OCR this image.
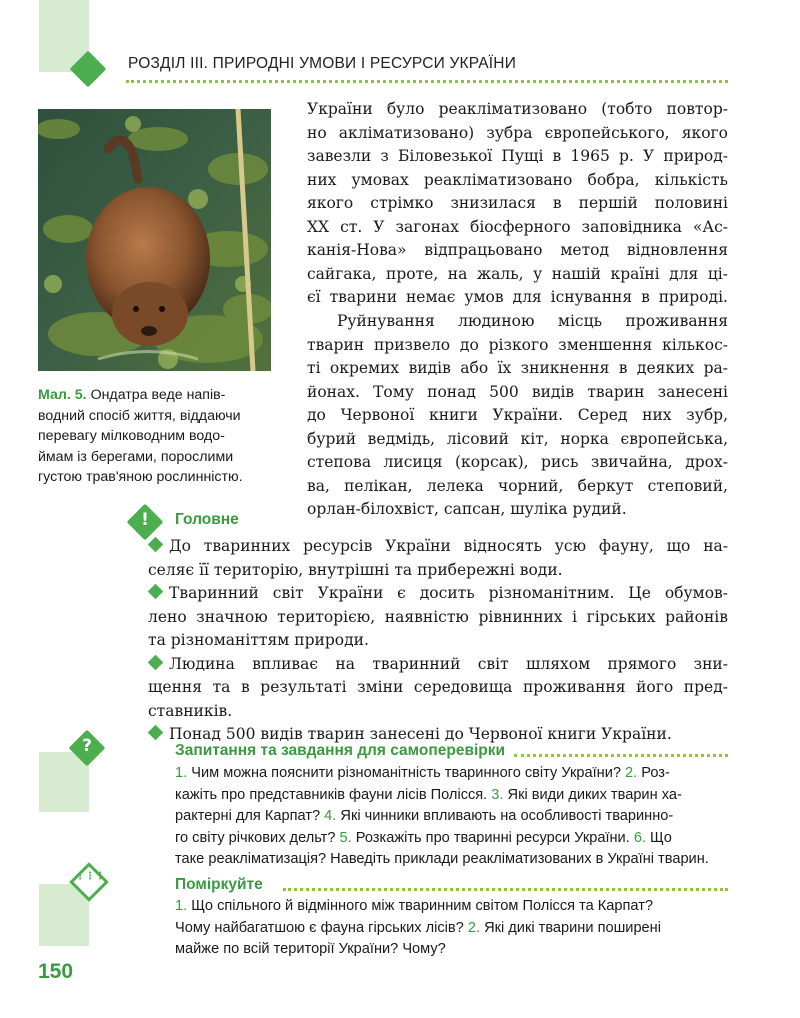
РОЗДІЛ ІІІ. ПРИРОДНІ УМОВИ І РЕСУРСИ УКРАЇНИ
Мал. 5. Ондатра веде напів-
водний спосіб життя, віддаючи
перевагу мілководним водо-
ймам із берегами, порослими
густою трав'яною рослинністю.
України було реакліматизовано (тобто повтор-
но акліматизовано) зубра європейського, якого
завезли з Біловезької Пущі в 1965 р. У природ-
них умовах реакліматизовано бобра, кількість
якого стрімко знизилася в першій половині
XX ст. У загонах біосферного заповідника «Ас-
канія-Нова» відпрацьовано метод відновлення
сайгака, проте, на жаль, у нашій країні для ці-
єї тварини немає умов для існування в природі.
Руйнування людиною місць проживання
тварин призвело до різкого зменшення кількос-
ті окремих видів або їх зникнення в деяких ра-
йонах. Тому понад 500 видів тварин занесені
до Червоної книги України. Серед них зубр,
бурий ведмідь, лісовий кіт, норка європейська,
степова лисиця (корсак), рись звичайна, дрох-
ва, пелікан, лелека чорний, беркут степовий,
орлан-білохвіст, сапсан, шуліка рудий.
!	Головне
До тваринних ресурсів України відносять усю фауну, що на-
селяє її територію, внутрішні та прибережні води.
Тваринний світ України є досить різноманітним. Це обумов-
лено значною територією, наявністю рівнинних і гірських районів
та різноманіттям природи.
Людина впливає на тваринний світ шляхом прямого зни-
щення та в результаті зміни середовища проживання його пред-
ставників.
Понад 500 видів тварин занесені до Червоної книги України.
?	Запитання та завдання для самоперевірки
1. Чим можна пояснити різноманітність тваринного світу України? 2. Роз-
кажіть про представників фауни лісів Полісся. 3. Які види диких тварин ха-
рактерні для Карпат? 4. Які чинники впливають на особливості тваринно-
го світу річкових дельт? 5. Розкажіть про тваринні ресурси України. 6. Що
таке реакліматизація? Наведіть приклади реакліматизованих в Україні тварин.
⋮⋮⋮	Поміркуйте
1. Що спільного й відмінного між тваринним світом Полісся та Карпат?
Чому найбагатшою є фауна гірських лісів? 2. Які дикі тварини поширені
майже по всій території України? Чому?
150
